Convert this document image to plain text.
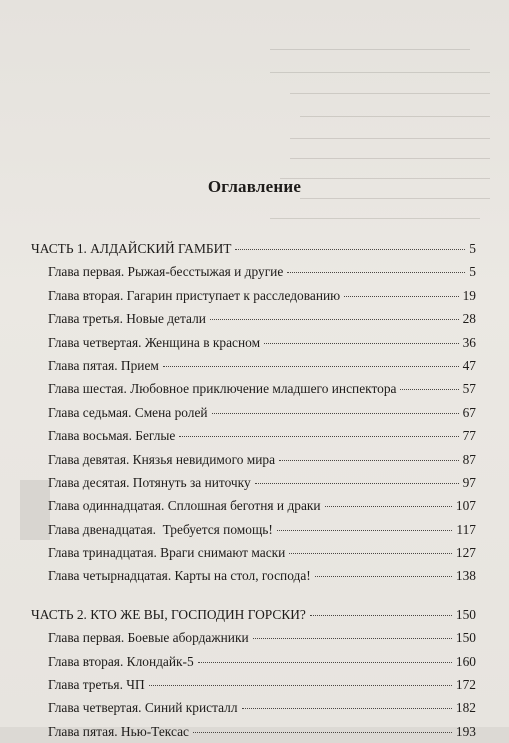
Оглавление
ЧАСТЬ 1. АЛДАЙСКИЙ ГАМБИТ	5
Глава первая. Рыжая-бесстыжая и другие	5
Глава вторая. Гагарин приступает к расследованию	19
Глава третья. Новые детали	28
Глава четвертая. Женщина в красном	36
Глава пятая. Прием	47
Глава шестая. Любовное приключение младшего инспектора	57
Глава седьмая. Смена ролей	67
Глава восьмая. Беглые	77
Глава девятая. Князья невидимого мира	87
Глава десятая. Потянуть за ниточку	97
Глава одиннадцатая. Сплошная беготня и драки	107
Глава двенадцатая.  Требуется помощь!	117
Глава тринадцатая. Враги снимают маски	127
Глава четырнадцатая. Карты на стол, господа!	138
ЧАСТЬ 2. КТО ЖЕ ВЫ, ГОСПОДИН ГОРСКИ?	150
Глава первая. Боевые абордажники	150
Глава вторая. Клондайк-5	160
Глава третья. ЧП	172
Глава четвертая. Синий кристалл	182
Глава пятая. Нью-Тексас	193
